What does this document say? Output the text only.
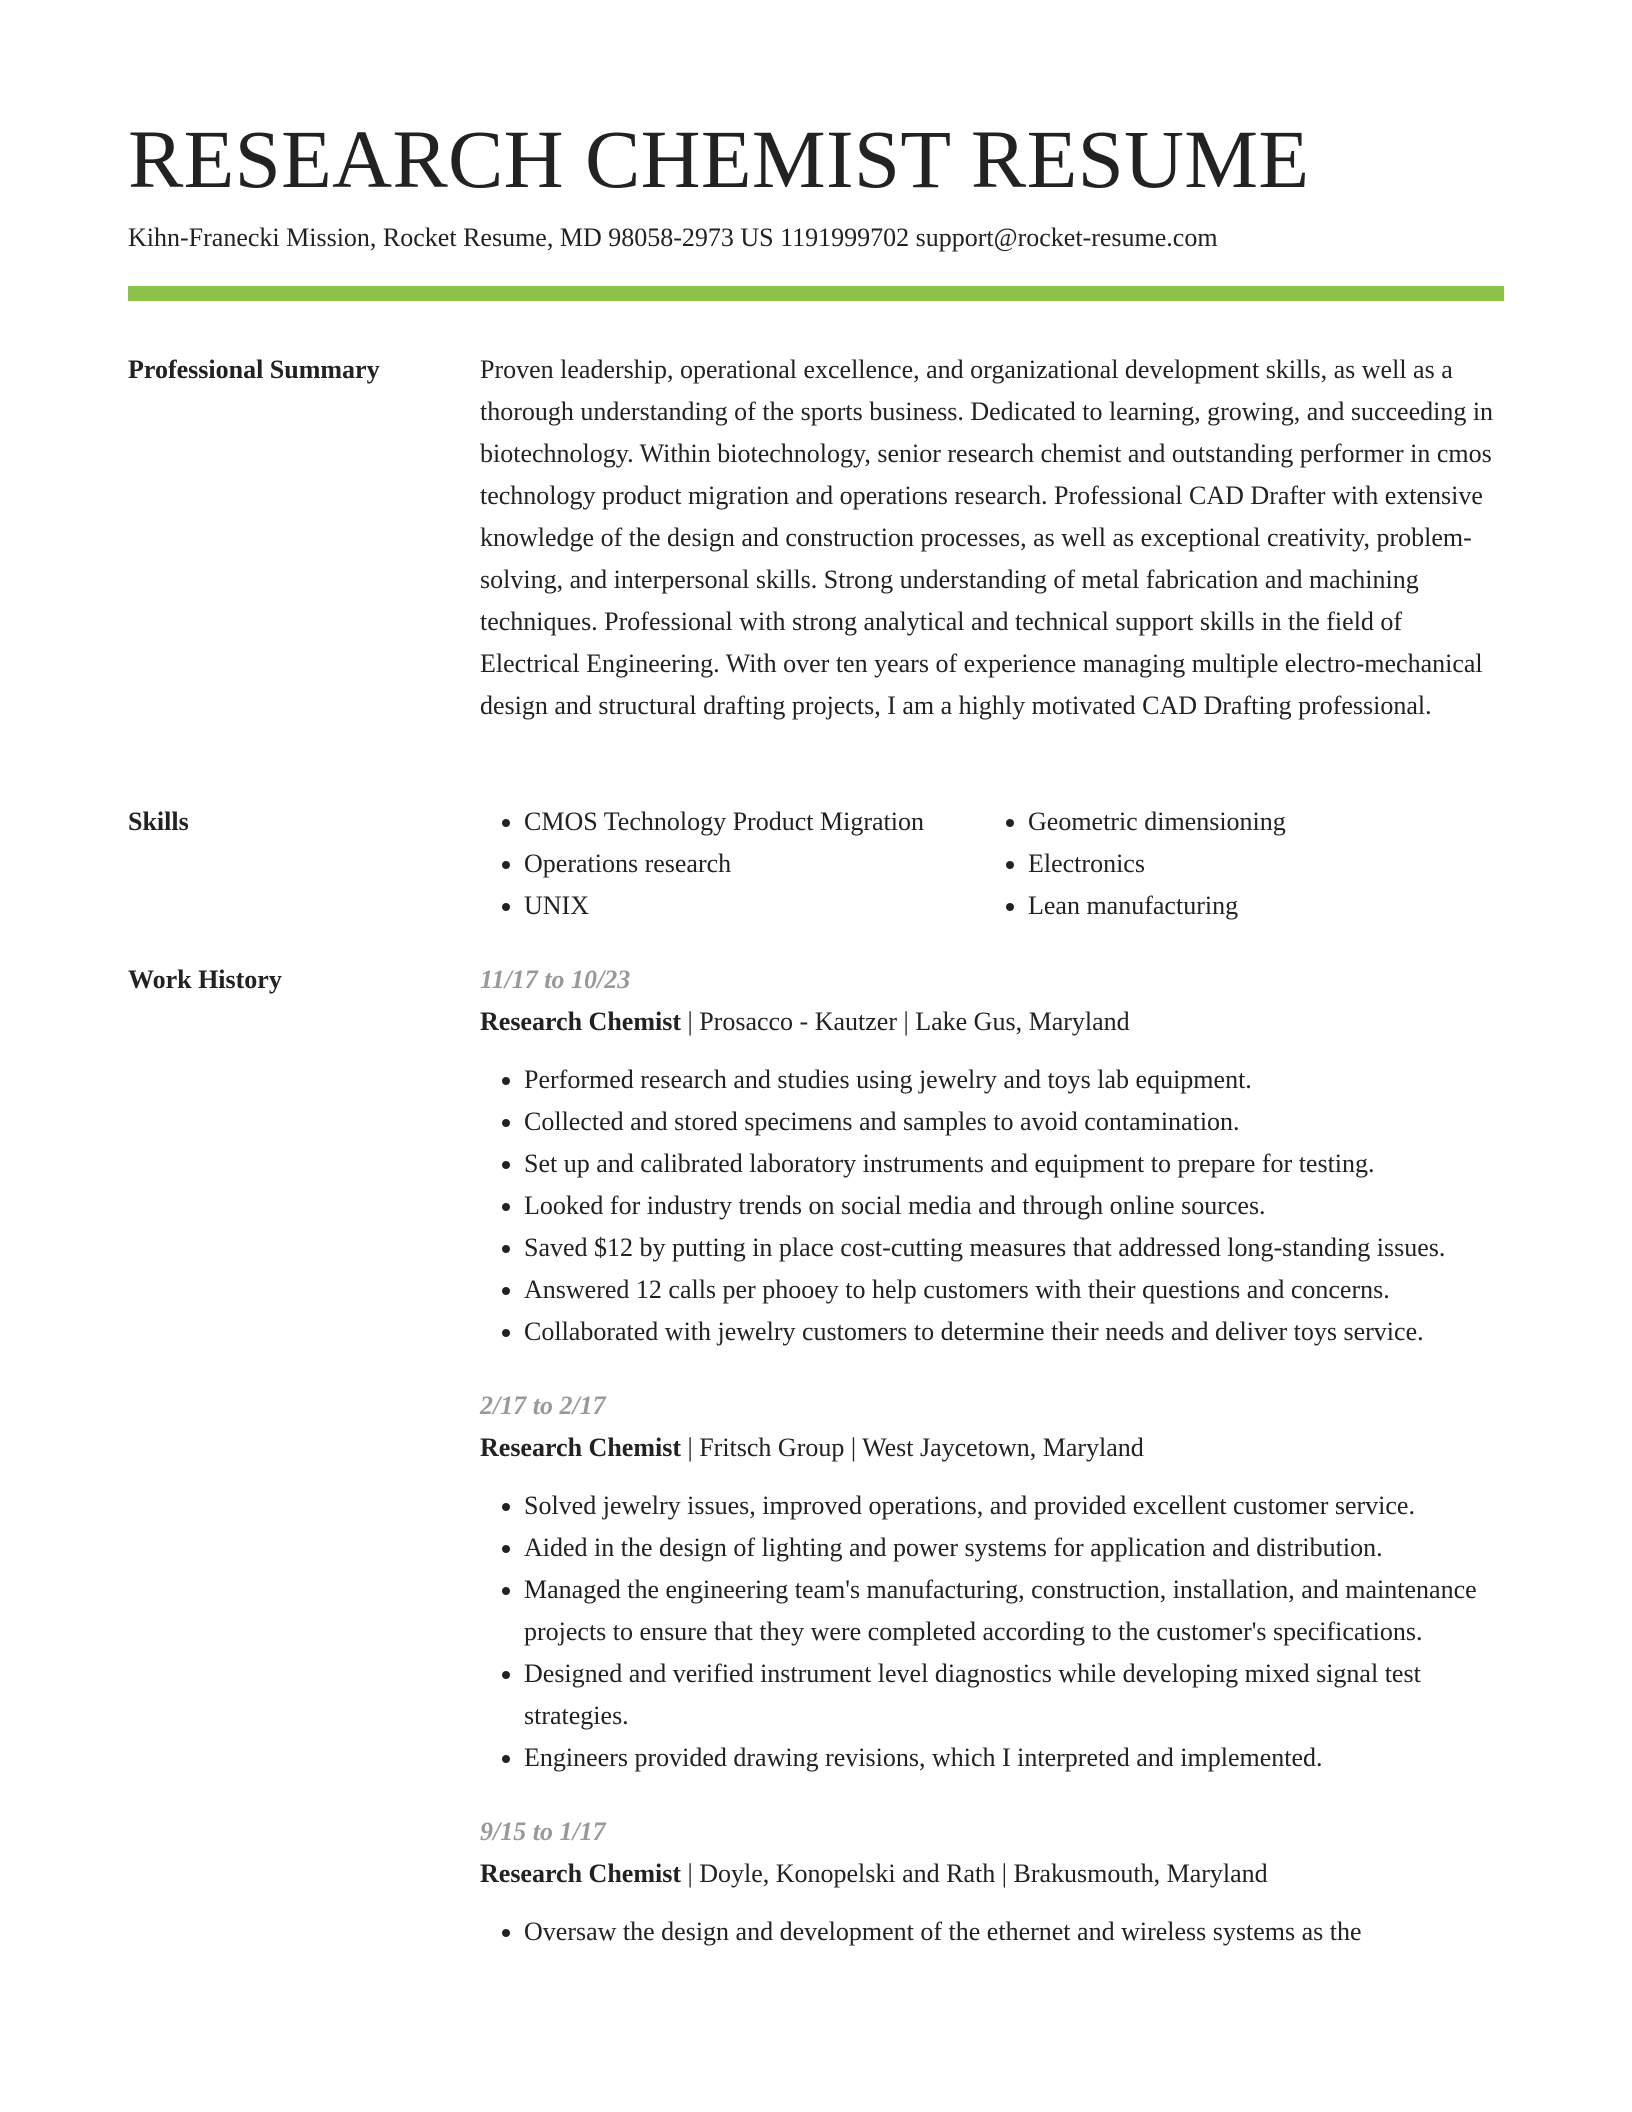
RESEARCH CHEMIST RESUME
Kihn-Franecki Mission, Rocket Resume, MD 98058-2973 US 1191999702 support@rocket-resume.com
Professional Summary	Proven leadership, operational excellence, and organizational development skills, as well as a thorough understanding of the sports business. Dedicated to learning, growing, and succeeding in biotechnology. Within biotechnology, senior research chemist and outstanding performer in cmos technology product migration and operations research. Professional CAD Drafter with extensive knowledge of the design and construction processes, as well as exceptional creativity, problem-solving, and interpersonal skills. Strong understanding of metal fabrication and machining techniques. Professional with strong analytical and technical support skills in the field of Electrical Engineering. With over ten years of experience managing multiple electro-mechanical design and structural drafting projects, I am a highly motivated CAD Drafting professional.

Skills
•	CMOS Technology Product Migration
• Operations research
• UNIX
• Geometric dimensioning
• Electronics
• Lean manufacturing
Work History	11/17 to 10/23
Research Chemist | Prosacco - Kautzer | Lake Gus, Maryland
• Performed research and studies using jewelry and toys lab equipment.
• Collected and stored specimens and samples to avoid contamination.
• Set up and calibrated laboratory instruments and equipment to prepare for testing.
• Looked for industry trends on social media and through online sources.
• Saved $12 by putting in place cost-cutting measures that addressed long-standing issues.
• Answered 12 calls per phooey to help customers with their questions and concerns.
• Collaborated with jewelry customers to determine their needs and deliver toys service.
2/17 to 2/17
Research Chemist | Fritsch Group | West Jaycetown, Maryland
• Solved jewelry issues, improved operations, and provided excellent customer service.
• Aided in the design of lighting and power systems for application and distribution.
• Managed the engineering team's manufacturing, construction, installation, and maintenance projects to ensure that they were completed according to the customer's specifications.
• Designed and verified instrument level diagnostics while developing mixed signal test strategies.
• Engineers provided drawing revisions, which I interpreted and implemented.
9/15 to 1/17
Research Chemist | Doyle, Konopelski and Rath | Brakusmouth, Maryland
• Oversaw the design and development of the ethernet and wireless systems as the
